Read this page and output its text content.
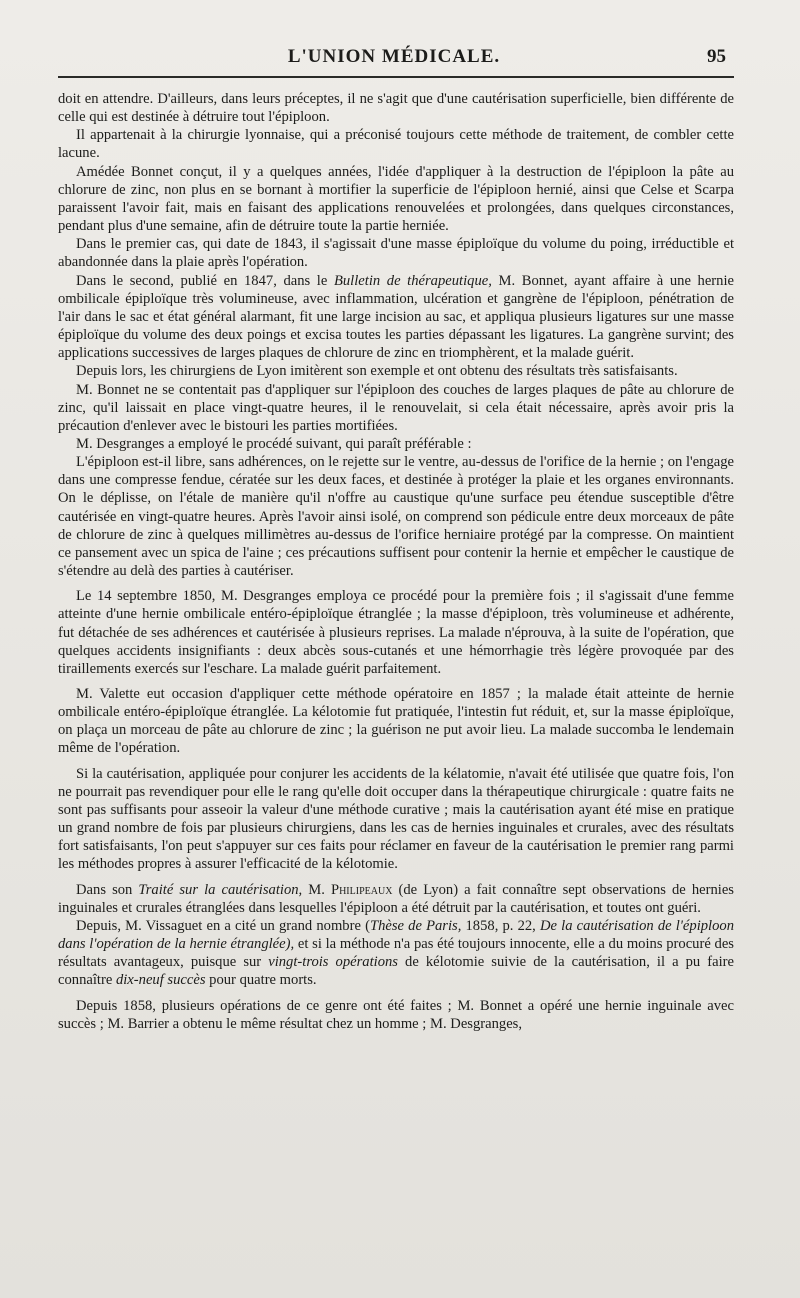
L'UNION MÉDICALE.	95

doit en attendre. D'ailleurs, dans leurs préceptes, il ne s'agit que d'une cautérisation superficielle, bien différente de celle qui est destinée à détruire tout l'épiploon.

Il appartenait à la chirurgie lyonnaise, qui a préconisé toujours cette méthode de traitement, de combler cette lacune.

Amédée Bonnet conçut, il y a quelques années, l'idée d'appliquer à la destruction de l'épiploon la pâte au chlorure de zinc, non plus en se bornant à mortifier la superficie de l'épiploon hernié, ainsi que Celse et Scarpa paraissent l'avoir fait, mais en faisant des applications renouvelées et prolongées, dans quelques circonstances, pendant plus d'une semaine, afin de détruire toute la partie herniée.

Dans le premier cas, qui date de 1843, il s'agissait d'une masse épiploïque du volume du poing, irréductible et abandonnée dans la plaie après l'opération.

Dans le second, publié en 1847, dans le Bulletin de thérapeutique, M. Bonnet, ayant affaire à une hernie ombilicale épiploïque très volumineuse, avec inflammation, ulcération et gangrène de l'épiploon, pénétration de l'air dans le sac et état général alarmant, fit une large incision au sac, et appliqua plusieurs ligatures sur une masse épiploïque du volume des deux poings et excisa toutes les parties dépassant les ligatures. La gangrène survint; des applications successives de larges plaques de chlorure de zinc en triomphèrent, et la malade guérit.

Depuis lors, les chirurgiens de Lyon imitèrent son exemple et ont obtenu des résultats très satisfaisants.

M. Bonnet ne se contentait pas d'appliquer sur l'épiploon des couches de larges plaques de pâte au chlorure de zinc, qu'il laissait en place vingt-quatre heures, il le renouvelait, si cela était nécessaire, après avoir pris la précaution d'enlever avec le bistouri les parties mortifiées.

M. Desgranges a employé le procédé suivant, qui paraît préférable :

L'épiploon est-il libre, sans adhérences, on le rejette sur le ventre, au-dessus de l'orifice de la hernie ; on l'engage dans une compresse fendue, cératée sur les deux faces, et destinée à protéger la plaie et les organes environnants. On le déplisse, on l'étale de manière qu'il n'offre au caustique qu'une surface peu étendue susceptible d'être cautérisée en vingt-quatre heures. Après l'avoir ainsi isolé, on comprend son pédicule entre deux morceaux de pâte de chlorure de zinc à quelques millimètres au-dessus de l'orifice herniaire protégé par la compresse. On maintient ce pansement avec un spica de l'aine ; ces précautions suffisent pour contenir la hernie et empêcher le caustique de s'étendre au delà des parties à cautériser.

Le 14 septembre 1850, M. Desgranges employa ce procédé pour la première fois ; il s'agissait d'une femme atteinte d'une hernie ombilicale entéro-épiploïque étranglée ; la masse d'épiploon, très volumineuse et adhérente, fut détachée de ses adhérences et cautérisée à plusieurs reprises. La malade n'éprouva, à la suite de l'opération, que quelques accidents insignifiants : deux abcès sous-cutanés et une hémorrhagie très légère provoquée par des tiraillements exercés sur l'eschare. La malade guérit parfaitement.

M. Valette eut occasion d'appliquer cette méthode opératoire en 1857 ; la malade était atteinte de hernie ombilicale entéro-épiploïque étranglée. La kélotomie fut pratiquée, l'intestin fut réduit, et, sur la masse épiploïque, on plaça un morceau de pâte au chlorure de zinc ; la guérison ne put avoir lieu. La malade succomba le lendemain même de l'opération.

Si la cautérisation, appliquée pour conjurer les accidents de la kélatomie, n'avait été utilisée que quatre fois, l'on ne pourrait pas revendiquer pour elle le rang qu'elle doit occuper dans la thérapeutique chirurgicale : quatre faits ne sont pas suffisants pour asseoir la valeur d'une méthode curative ; mais la cautérisation ayant été mise en pratique un grand nombre de fois par plusieurs chirurgiens, dans les cas de hernies inguinales et crurales, avec des résultats fort satisfaisants, l'on peut s'appuyer sur ces faits pour réclamer en faveur de la cautérisation le premier rang parmi les méthodes propres à assurer l'efficacité de la kélotomie.

Dans son Traité sur la cautérisation, M. Philipeaux (de Lyon) a fait connaître sept observations de hernies inguinales et crurales étranglées dans lesquelles l'épiploon a été détruit par la cautérisation, et toutes ont guéri.

Depuis, M. Vissaguet en a cité un grand nombre (Thèse de Paris, 1858, p. 22, De la cautérisation de l'épiploon dans l'opération de la hernie étranglée), et si la méthode n'a pas été toujours innocente, elle a du moins procuré des résultats avantageux, puisque sur vingt-trois opérations de kélotomie suivie de la cautérisation, il a pu faire connaître dix-neuf succès pour quatre morts.

Depuis 1858, plusieurs opérations de ce genre ont été faites ; M. Bonnet a opéré une hernie inguinale avec succès ; M. Barrier a obtenu le même résultat chez un homme ; M. Desgranges,
